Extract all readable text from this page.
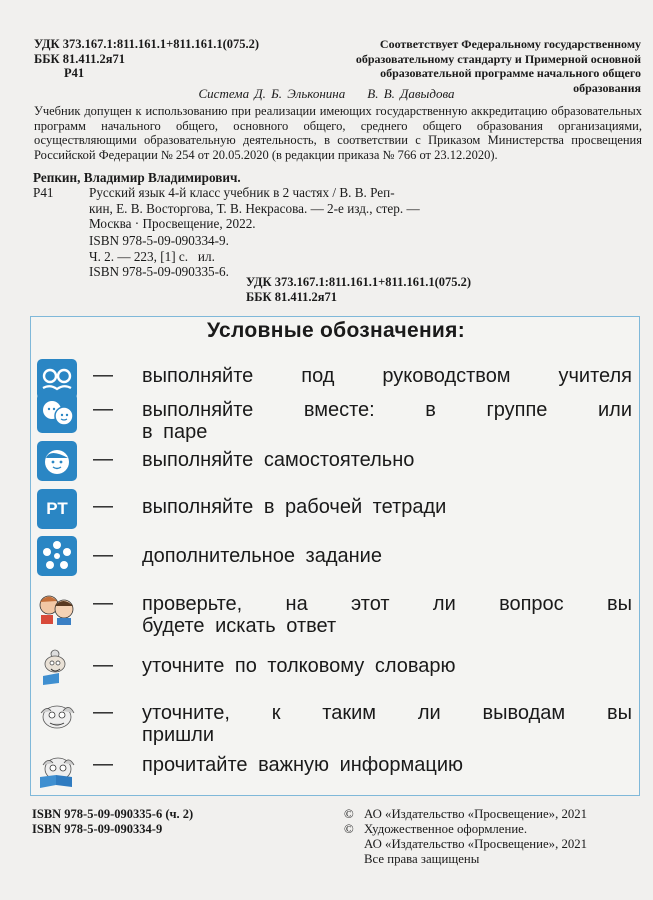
УДК 373.167.1:811.161.1+811.161.1(075.2)
ББК 81.411.2я71
Р41
Соответствует Федеральному государственному
образовательному стандарту и Примерной основной
образовательной программе начального общего образования
Система Д. Б. Эльконина В. В. Давыдова
Учебник допущен к использованию при реализации имеющих государственную аккредитацию образовательных программ начального общего, основного общего, среднего общего образования организациями, осуществляющими образовательную деятельность, в соответствии с Приказом Министерства просвещения Российской Федерации № 254 от 20.05.2020 (в редакции приказа № 766 от 23.12.2020).
Репкин, Владимир Владимирович.
Р41	Русский язык 4-й класс учебник в 2 частях / В. В. Реп-
кин, Е. В. Восторгова, Т. В. Некрасова. — 2-е изд., стер. —
Москва · Просвещение, 2022.
ISBN 978-5-09-090334-9.
Ч. 2. — 223, [1] с.   ил.
ISBN 978-5-09-090335-6.
УДК 373.167.1:811.161.1+811.161.1(075.2)
ББК 81.411.2я71
Условные обозначения:
— выполняйте под руководством учителя
— выполняйте вместе: в группе или
в паре
— выполняйте самостоятельно
РТ — выполняйте в рабочей тетради
— дополнительное задание
— проверьте, на этот ли вопрос вы
будете искать ответ
— уточните по толковому словарю
— уточните, к таким ли выводам вы
пришли
— прочитайте важную информацию
ISBN 978-5-09-090335-6 (ч. 2)
ISBN 978-5-09-090334-9
© АО «Издательство «Просвещение», 2021
© Художественное оформление.
АО «Издательство «Просвещение», 2021
Все права защищены
